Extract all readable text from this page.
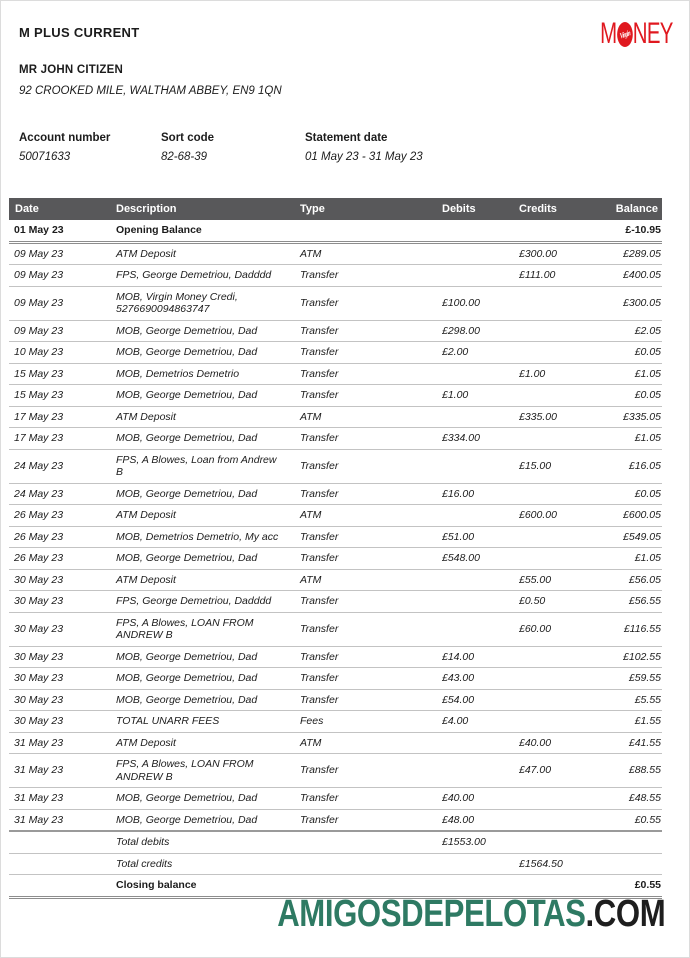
M PLUS CURRENT	M Virgin NEY
MR JOHN CITIZEN
92 CROOKED MILE, WALTHAM ABBEY, EN9 1QN
Account number
50071633
Sort code
82-68-39
Statement date
01 May 23 - 31 May 23
Date	Description	Type	Debits	Credits	Balance
01 May 23	Opening Balance				£-10.95
09 May 23	ATM Deposit	ATM		£300.00	£289.05
09 May 23	FPS, George Demetriou, Dadddd	Transfer		£111.00	£400.05
09 May 23	MOB, Virgin Money Credi, 5276690094863747	Transfer	£100.00		£300.05
09 May 23	MOB, George Demetriou, Dad	Transfer	£298.00		£2.05
10 May 23	MOB, George Demetriou, Dad	Transfer	£2.00		£0.05
15 May 23	MOB, Demetrios Demetrio	Transfer		£1.00	£1.05
15 May 23	MOB, George Demetriou, Dad	Transfer	£1.00		£0.05
17 May 23	ATM Deposit	ATM		£335.00	£335.05
17 May 23	MOB, George Demetriou, Dad	Transfer	£334.00		£1.05
24 May 23	FPS, A Blowes, Loan from Andrew B	Transfer		£15.00	£16.05
24 May 23	MOB, George Demetriou, Dad	Transfer	£16.00		£0.05
26 May 23	ATM Deposit	ATM		£600.00	£600.05
26 May 23	MOB, Demetrios Demetrio, My acc	Transfer	£51.00		£549.05
26 May 23	MOB, George Demetriou, Dad	Transfer	£548.00		£1.05
30 May 23	ATM Deposit	ATM		£55.00	£56.05
30 May 23	FPS, George Demetriou, Dadddd	Transfer		£0.50	£56.55
30 May 23	FPS, A Blowes, LOAN FROM ANDREW B	Transfer		£60.00	£116.55
30 May 23	MOB, George Demetriou, Dad	Transfer	£14.00		£102.55
30 May 23	MOB, George Demetriou, Dad	Transfer	£43.00		£59.55
30 May 23	MOB, George Demetriou, Dad	Transfer	£54.00		£5.55
30 May 23	TOTAL UNARR FEES	Fees	£4.00		£1.55
31 May 23	ATM Deposit	ATM		£40.00	£41.55
31 May 23	FPS, A Blowes, LOAN FROM ANDREW B	Transfer		£47.00	£88.55
31 May 23	MOB, George Demetriou, Dad	Transfer	£40.00		£48.55
31 May 23	MOB, George Demetriou, Dad	Transfer	£48.00		£0.55
	Total debits		£1553.00		
	Total credits			£1564.50	
	Closing balance				£0.55
AMIGOSDEPELOTAS.COM
